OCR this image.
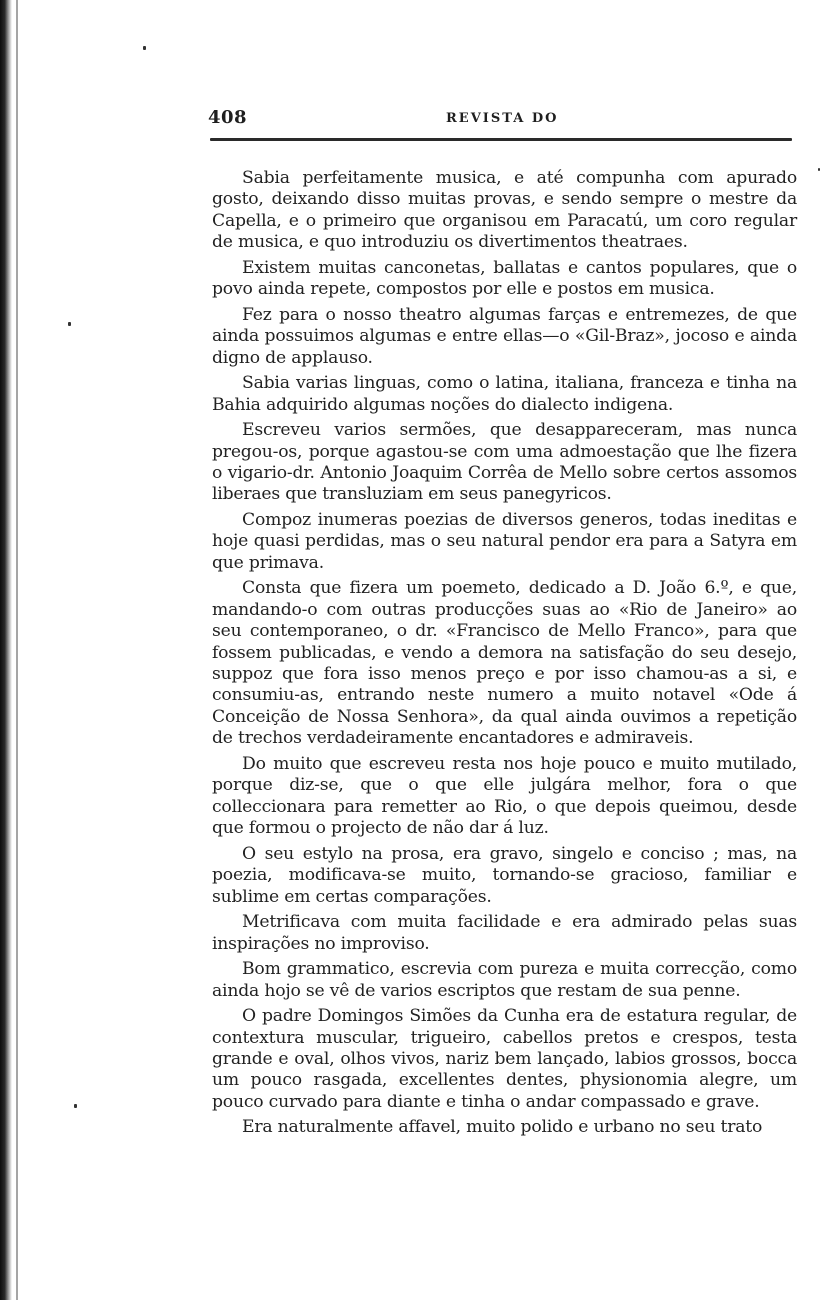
408	REVISTA DO

Sabia perfeitamente musica, e até compunha com apurado gosto, deixando disso muitas provas, e sendo sempre o mestre da Capella, e o primeiro que organisou em Paracatú, um coro regular de musica, e quo introduziu os divertimentos theatraes.

Existem muitas canconetas, ballatas e cantos populares, que o povo ainda repete, compostos por elle e postos em musica.

Fez para o nosso theatro algumas farças e entremezes, de que ainda possuimos algumas e entre ellas—o «Gil-Braz», jocoso e ainda digno de applauso.

Sabia varias linguas, como o latina, italiana, franceza e tinha na Bahia adquirido algumas noções do dialecto indigena.

Escreveu varios sermões, que desappareceram, mas nunca pregou-os, porque agastou-se com uma admoestação que lhe fizera o vigario-dr. Antonio Joaquim Corrêa de Mello sobre certos assomos liberaes que transluziam em seus panegyricos.

Compoz inumeras poezias de diversos generos, todas ineditas e hoje quasi perdidas, mas o seu natural pendor era para a Satyra em que primava.

Consta que fizera um poemeto, dedicado a D. João 6.º, e que, mandando-o com outras producções suas ao «Rio de Janeiro» ao seu contemporaneo, o dr. «Francisco de Mello Franco», para que fossem publicadas, e vendo a demora na satisfação do seu desejo, suppoz que fora isso menos preço e por isso chamou-as a si, e consumiu-as, entrando neste numero a muito notavel «Ode á Conceição de Nossa Senhora», da qual ainda ouvimos a repetição de trechos verdadeiramente encantadores e admiraveis.

Do muito que escreveu resta nos hoje pouco e muito mutilado, porque diz-se, que o que elle julgára melhor, fora o que colleccionara para remetter ao Rio, o que depois queimou, desde que formou o projecto de não dar á luz.

O seu estylo na prosa, era gravo, singelo e conciso ; mas, na poezia, modificava-se muito, tornando-se gracioso, familiar e sublime em certas comparações.

Metrificava com muita facilidade e era admirado pelas suas inspirações no improviso.

Bom grammatico, escrevia com pureza e muita correcção, como ainda hojo se vê de varios escriptos que restam de sua penne.

O padre Domingos Simões da Cunha era de estatura regular, de contextura muscular, trigueiro, cabellos pretos e crespos, testa grande e oval, olhos vivos, nariz bem lançado, labios grossos, bocca um pouco rasgada, excellentes dentes, physionomia alegre, um pouco curvado para diante e tinha o andar compassado e grave.

Era naturalmente affavel, muito polido e urbano no seu trato
